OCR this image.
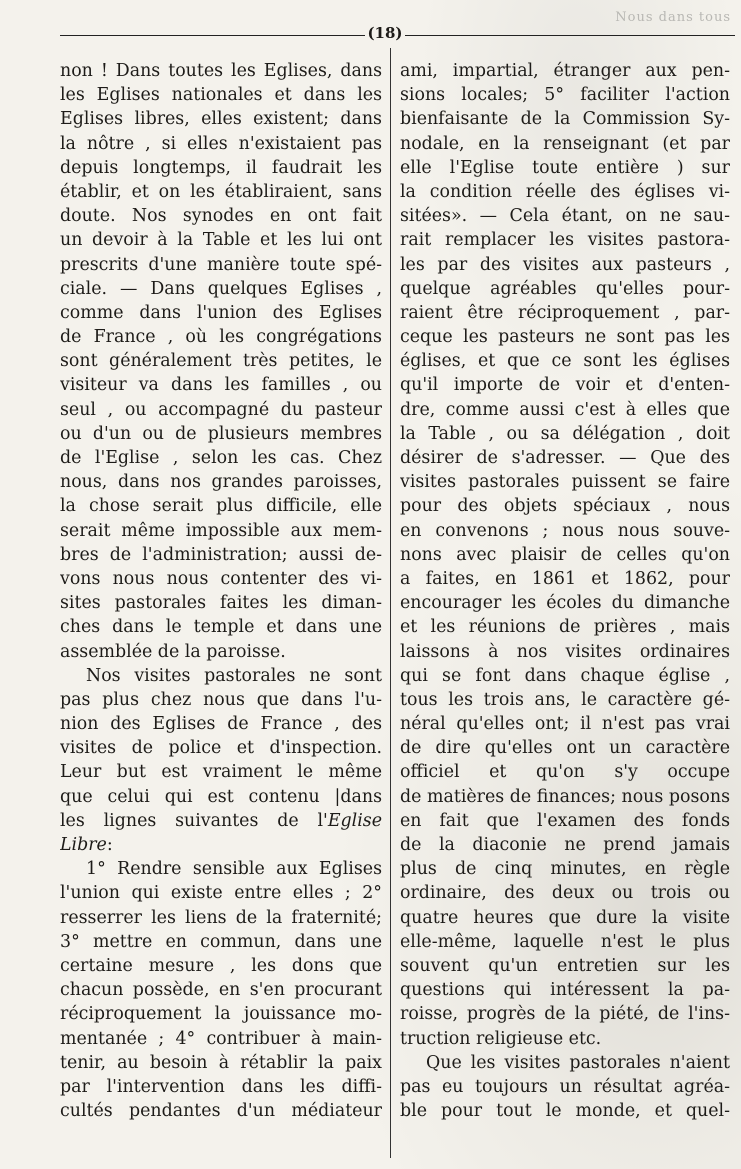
Nous dans tous
(18)
non ! Dans toutes les Eglises, dans
les Eglises nationales et dans les
Eglises libres, elles existent; dans
la nôtre , si elles n'existaient pas
depuis longtemps, il faudrait les
établir, et on les établiraient, sans
doute. Nos synodes en ont fait
un devoir à la Table et les lui ont
prescrits d'une manière toute spé-
ciale. — Dans quelques Eglises ,
comme dans l'union des Eglises
de France , où les congrégations
sont généralement très petites, le
visiteur va dans les familles , ou
seul , ou accompagné du pasteur
ou d'un ou de plusieurs membres
de l'Eglise , selon les cas. Chez
nous, dans nos grandes paroisses,
la chose serait plus difficile, elle
serait même impossible aux mem-
bres de l'administration; aussi de-
vons nous nous contenter des vi-
sites pastorales faites les diman-
ches dans le temple et dans une
assemblée de la paroisse.
Nos visites pastorales ne sont
pas plus chez nous que dans l'u-
nion des Eglises de France , des
visites de police et d'inspection.
Leur but est vraiment le même
que celui qui est contenu |dans
les lignes suivantes de l'Eglise
Libre:
1° Rendre sensible aux Eglises
l'union qui existe entre elles ; 2°
resserrer les liens de la fraternité;
3° mettre en commun, dans une
certaine mesure , les dons que
chacun possède, en s'en procurant
réciproquement la jouissance mo-
mentanée ; 4° contribuer à main-
tenir, au besoin à rétablir la paix
par l'intervention dans les diffi-
cultés pendantes d'un médiateur
ami, impartial, étranger aux pen-
sions locales; 5° faciliter l'action
bienfaisante de la Commission Sy-
nodale, en la renseignant (et par
elle l'Eglise toute entière ) sur
la condition réelle des églises vi-
sitées». — Cela étant, on ne sau-
rait remplacer les visites pastora-
les par des visites aux pasteurs ,
quelque agréables qu'elles pour-
raient être réciproquement , par-
ceque les pasteurs ne sont pas les
églises, et que ce sont les églises
qu'il importe de voir et d'enten-
dre, comme aussi c'est à elles que
la Table , ou sa délégation , doit
désirer de s'adresser. — Que des
visites pastorales puissent se faire
pour des objets spéciaux , nous
en convenons ; nous nous souve-
nons avec plaisir de celles qu'on
a faites, en 1861 et 1862, pour
encourager les écoles du dimanche
et les réunions de prières , mais
laissons à nos visites ordinaires
qui se font dans chaque église ,
tous les trois ans, le caractère gé-
néral qu'elles ont; il n'est pas vrai
de dire qu'elles ont un caractère
officiel et qu'on s'y occupe
de matières de finances; nous posons
en fait que l'examen des fonds
de la diaconie ne prend jamais
plus de cinq minutes, en règle
ordinaire, des deux ou trois ou
quatre heures que dure la visite
elle-même, laquelle n'est le plus
souvent qu'un entretien sur les
questions qui intéressent la pa-
roisse, progrès de la piété, de l'ins-
truction religieuse etc.
Que les visites pastorales n'aient
pas eu toujours un résultat agréa-
ble pour tout le monde, et quel-
